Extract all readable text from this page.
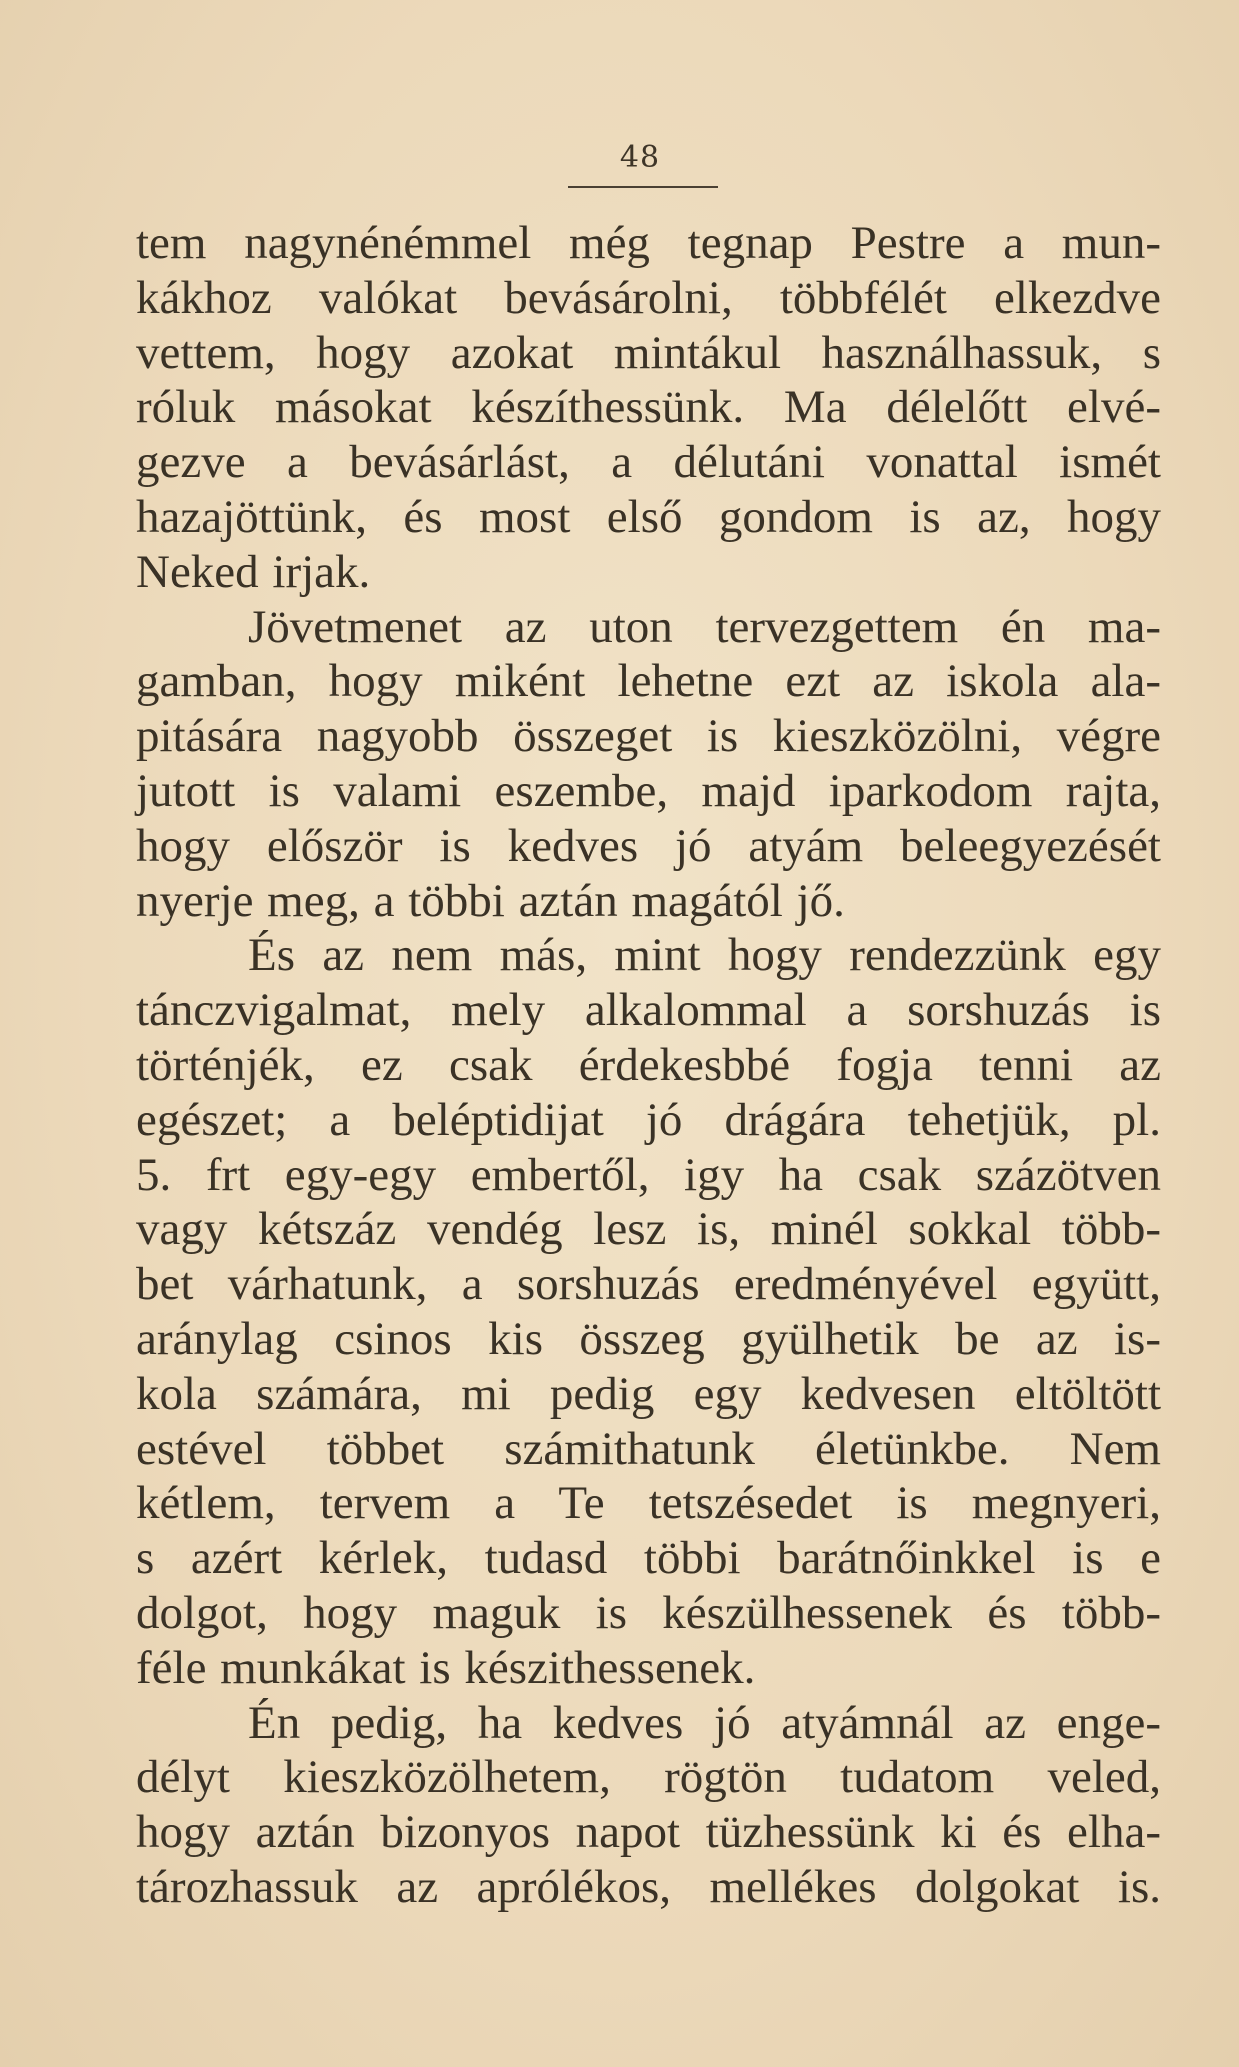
48
tem nagynénémmel még tegnap Pestre a mun-
kákhoz valókat bevásárolni, többfélét elkezdve
vettem, hogy azokat mintákul használhassuk, s
róluk másokat készíthessünk. Ma délelőtt elvé-
gezve a bevásárlást, a délutáni vonattal ismét
hazajöttünk, és most első gondom is az, hogy
Neked irjak.
Jövetmenet az uton tervezgettem én ma-
gamban, hogy miként lehetne ezt az iskola ala-
pitására nagyobb összeget is kieszközölni, végre
jutott is valami eszembe, majd iparkodom rajta,
hogy először is kedves jó atyám beleegyezését
nyerje meg, a többi aztán magától jő.
És az nem más, mint hogy rendezzünk egy
tánczvigalmat, mely alkalommal a sorshuzás is
történjék, ez csak érdekesbbé fogja tenni az
egészet; a beléptidijat jó drágára tehetjük, pl.
5. frt egy-egy embertől, igy ha csak százötven
vagy kétszáz vendég lesz is, minél sokkal több-
bet várhatunk, a sorshuzás eredményével együtt,
aránylag csinos kis összeg gyülhetik be az is-
kola számára, mi pedig egy kedvesen eltöltött
estével többet számithatunk életünkbe. Nem
kétlem, tervem a Te tetszésedet is megnyeri,
s azért kérlek, tudasd többi barátnőinkkel is e
dolgot, hogy maguk is készülhessenek és több-
féle munkákat is készithessenek.
Én pedig, ha kedves jó atyámnál az enge-
délyt kieszközölhetem, rögtön tudatom veled,
hogy aztán bizonyos napot tüzhessünk ki és elha-
tározhassuk az aprólékos, mellékes dolgokat is.
